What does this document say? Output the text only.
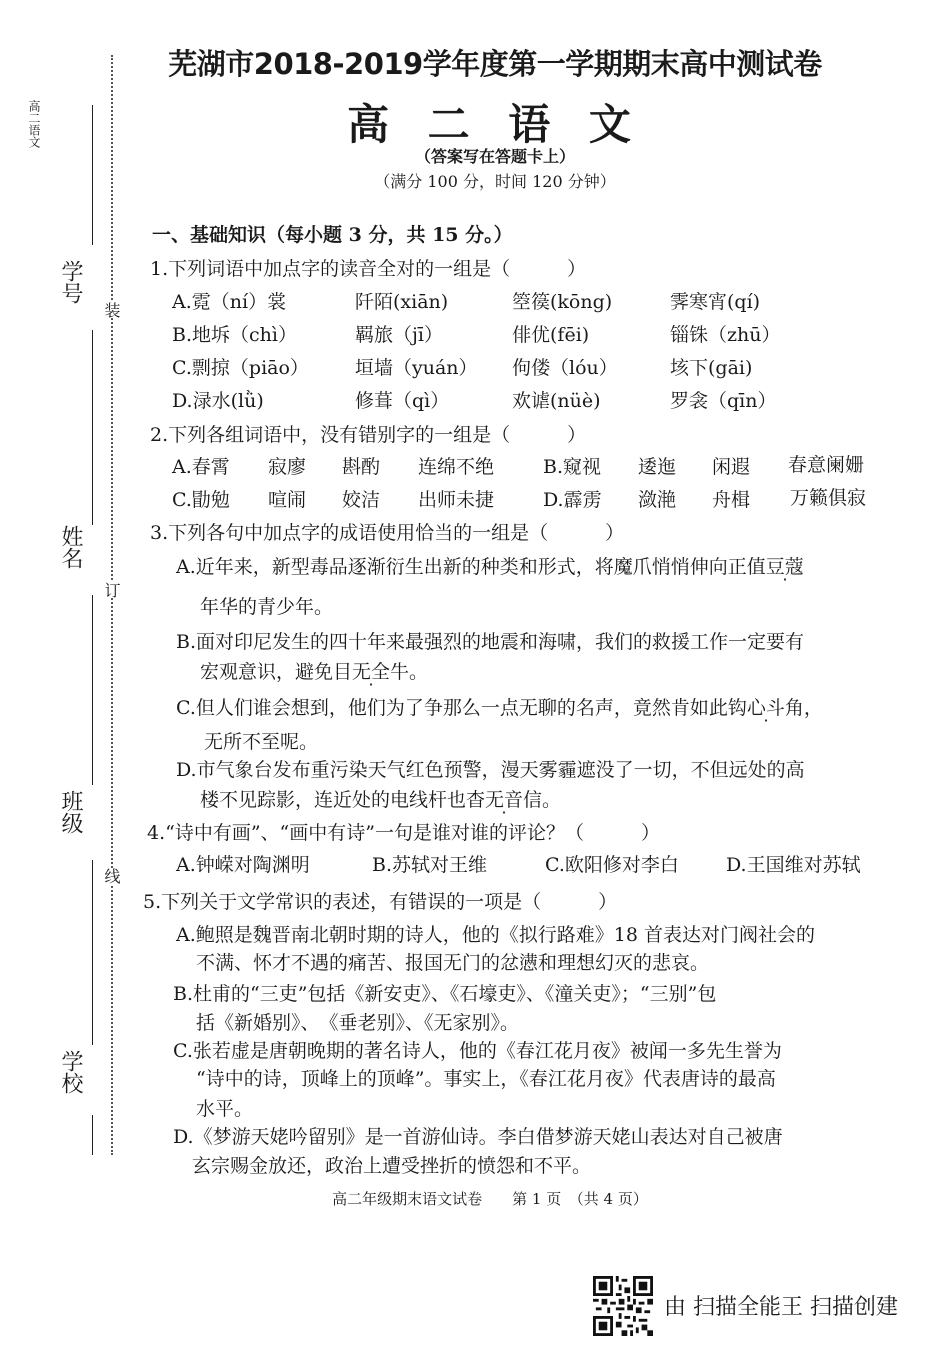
高二语文
学号
姓名
班级
学校
装
订
线
芜湖市2018-2019学年度第一学期期末高中测试卷
高 二 语 文
（答案写在答题卡上）
（满分 100 分，时间 120 分钟）
一、基础知识（每小题 3 分，共 15 分。）
1.下列词语中加点字的读音全对的一组是（　　　）
A.霓（ní）裳	阡陌(xiān)	箜篌(kōng)	霁寒宵(qí)
B.地坼（chì）	羁旅（jī）	俳优(fēi)	锱铢（zhū）
C.剽掠（piāo） 垣墙（yuán） 佝偻（lóu）	垓下(gāi)
D.渌水(lǜ)	修葺（qì）	欢谑(nüè)	罗衾（qīn）
2.下列各组词语中，没有错别字的一组是（　　　）
A.春霄 寂廖 斟酌 连绵不绝	B.窥视 逶迤 闲遐 春意阑姗
C.勖勉 喧闹 姣洁 出师未捷	D.霹雳 潋滟 舟楫 万籁俱寂
3.下列各句中加点字的成语使用恰当的一组是（　　　）
A.近年来，新型毒品逐渐衍生出新的种类和形式，将魔爪悄悄伸向正值豆蔻
年华的青少年。
B.面对印尼发生的四十年来最强烈的地震和海啸，我们的救援工作一定要有
宏观意识，避免目无全牛。
C.但人们谁会想到，他们为了争那么一点无聊的名声，竟然肯如此钩心斗角，
无所不至呢。
D.市气象台发布重污染天气红色预警，漫天雾霾遮没了一切，不但远处的高
楼不见踪影，连近处的电线杆也杳无音信。
4.“诗中有画”、“画中有诗”一句是谁对谁的评论？（　　　）
A.钟嵘对陶渊明	B.苏轼对王维	C.欧阳修对李白 D.王国维对苏轼
5.下列关于文学常识的表述，有错误的一项是（　　　）
A.鲍照是魏晋南北朝时期的诗人，他的《拟行路难》18 首表达对门阀社会的
不满、怀才不遇的痛苦、报国无门的忿懑和理想幻灭的悲哀。
B.杜甫的“三吏”包括《新安吏》、《石壕吏》、《潼关吏》；“三别”包
括《新婚别》、　《垂老别》、《无家别》。
C.张若虚是唐朝晚期的著名诗人，他的《春江花月夜》被闻一多先生誉为
“诗中的诗，顶峰上的顶峰”。事实上，《春江花月夜》代表唐诗的最高
水平。
D.《梦游天姥吟留别》是一首游仙诗。李白借梦游天姥山表达对自己被唐
玄宗赐金放还，政治上遭受挫折的愤怨和不平。
高二年级期末语文试卷　　第 1 页　（共 4 页）
由 扫描全能王 扫描创建
